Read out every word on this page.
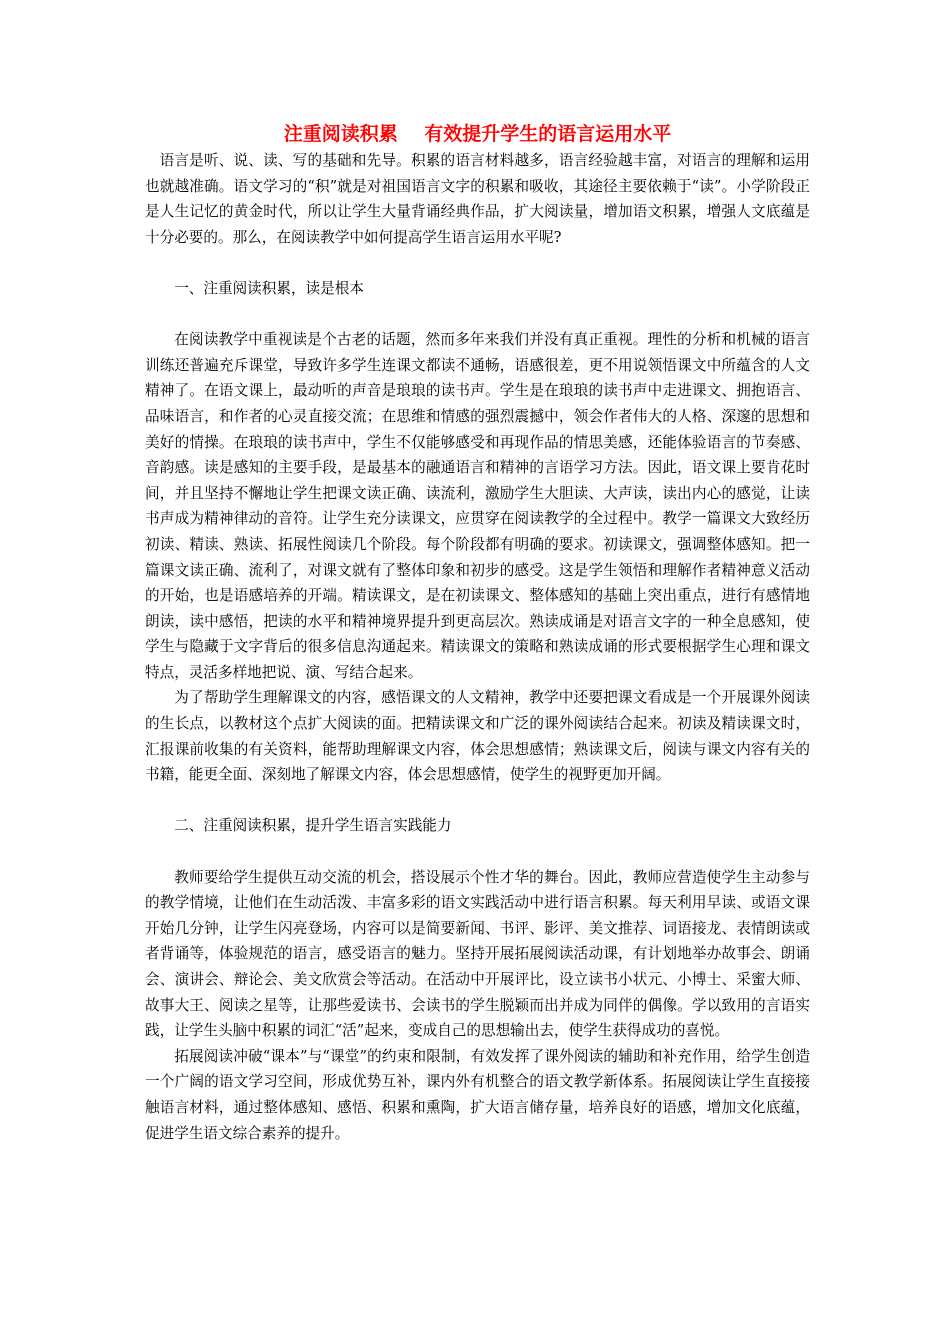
注重阅读积累    有效提升学生的语言运用水平

语言是听、说、读、写的基础和先导。积累的语言材料越多，语言经验越丰富，对语言的理解和运用也就越准确。语文学习的“积”就是对祖国语言文字的积累和吸收，其途径主要依赖于“读”。小学阶段正是人生记忆的黄金时代，所以让学生大量背诵经典作品，扩大阅读量，增加语文积累，增强人文底蕴是十分必要的。那么，在阅读教学中如何提高学生语言运用水平呢?

一、注重阅读积累，读是根本

在阅读教学中重视读是个古老的话题，然而多年来我们并没有真正重视。理性的分析和机械的语言训练还普遍充斥课堂，导致许多学生连课文都读不通畅，语感很差，更不用说领悟课文中所蕴含的人文精神了。在语文课上，最动听的声音是琅琅的读书声。学生是在琅琅的读书声中走进课文、拥抱语言、品味语言，和作者的心灵直接交流；在思维和情感的强烈震撼中，领会作者伟大的人格、深邃的思想和美好的情操。在琅琅的读书声中，学生不仅能够感受和再现作品的情思美感，还能体验语言的节奏感、音韵感。读是感知的主要手段，是最基本的融通语言和精神的言语学习方法。因此，语文课上要肯花时间，并且坚持不懈地让学生把课文读正确、读流利，激励学生大胆读、大声读，读出内心的感觉，让读书声成为精神律动的音符。让学生充分读课文，应贯穿在阅读教学的全过程中。教学一篇课文大致经历初读、精读、熟读、拓展性阅读几个阶段。每个阶段都有明确的要求。初读课文，强调整体感知。把一篇课文读正确、流利了，对课文就有了整体印象和初步的感受。这是学生领悟和理解作者精神意义活动的开始，也是语感培养的开端。精读课文，是在初读课文、整体感知的基础上突出重点，进行有感情地朗读，读中感悟，把读的水平和精神境界提升到更高层次。熟读成诵是对语言文字的一种全息感知，使学生与隐藏于文字背后的很多信息沟通起来。精读课文的策略和熟读成诵的形式要根据学生心理和课文特点，灵活多样地把说、演、写结合起来。

为了帮助学生理解课文的内容，感悟课文的人文精神，教学中还要把课文看成是一个开展课外阅读的生长点，以教材这个点扩大阅读的面。把精读课文和广泛的课外阅读结合起来。初读及精读课文时，汇报课前收集的有关资料，能帮助理解课文内容，体会思想感情；熟读课文后，阅读与课文内容有关的书籍，能更全面、深刻地了解课文内容，体会思想感情，使学生的视野更加开阔。

二、注重阅读积累，提升学生语言实践能力

教师要给学生提供互动交流的机会，搭设展示个性才华的舞台。因此，教师应营造使学生主动参与的教学情境，让他们在生动活泼、丰富多彩的语文实践活动中进行语言积累。每天利用早读、或语文课开始几分钟，让学生闪亮登场，内容可以是简要新闻、书评、影评、美文推荐、词语接龙、表情朗读或者背诵等，体验规范的语言，感受语言的魅力。坚持开展拓展阅读活动课，有计划地举办故事会、朗诵会、演讲会、辩论会、美文欣赏会等活动。在活动中开展评比，设立读书小状元、小博士、采蜜大师、故事大王、阅读之星等，让那些爱读书、会读书的学生脱颖而出并成为同伴的偶像。学以致用的言语实践，让学生头脑中积累的词汇“活”起来，变成自己的思想输出去，使学生获得成功的喜悦。

拓展阅读冲破“课本”与“课堂”的约束和限制，有效发挥了课外阅读的辅助和补充作用，给学生创造一个广阔的语文学习空间，形成优势互补，课内外有机整合的语文教学新体系。拓展阅读让学生直接接触语言材料，通过整体感知、感悟、积累和熏陶，扩大语言储存量，培养良好的语感，增加文化底蕴，促进学生语文综合素养的提升。
